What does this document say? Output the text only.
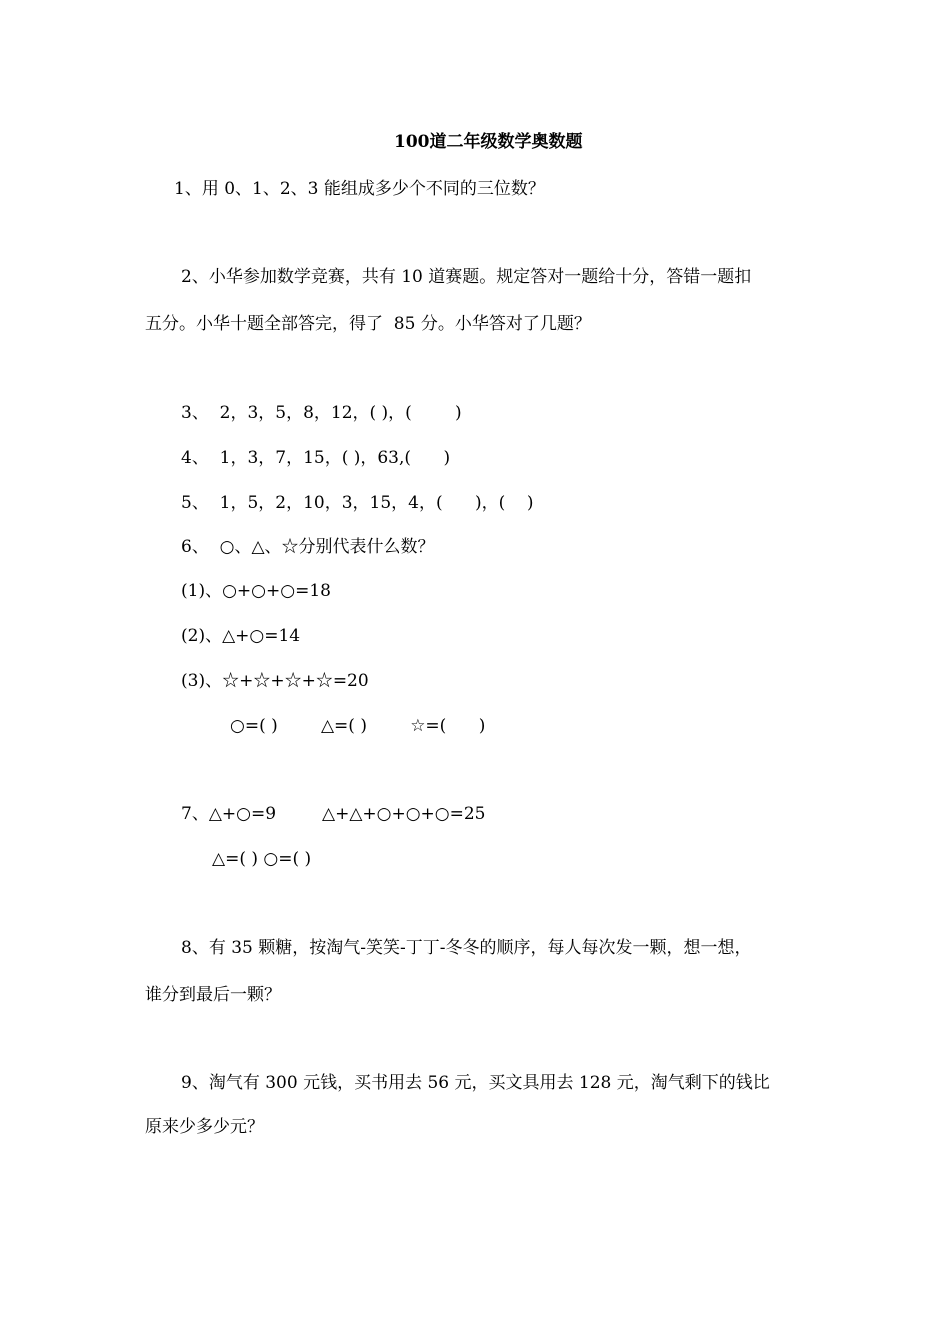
100道二年级数学奥数题

1、用 0、1、2、3 能组成多少个不同的三位数？

2、小华参加数学竞赛，共有 10 道赛题。规定答对一题给十分，答错一题扣

五分。小华十题全部答完，得了  85 分。小华答对了几题？

3、  2，3，5，8，12，( )，(        )

4、  1，3，7，15，( )，63,(      )

5、  1，5，2，10，3，15，4，(      )，(    )

6、  ○、△、☆分别代表什么数？

(1)、○+○+○=18

(2)、△+○=14

(3)、☆+☆+☆+☆=20

○=( )        △=( )        ☆=(      )

7、△+○=9	△+△+○+○+○=25

△=( ) ○=( )

8、有 35 颗糖，按淘气-笑笑-丁丁-冬冬的顺序，每人每次发一颗，想一想，

谁分到最后一颗？

9、淘气有 300 元钱，买书用去 56 元，买文具用去 128 元，淘气剩下的钱比

原来少多少元？
